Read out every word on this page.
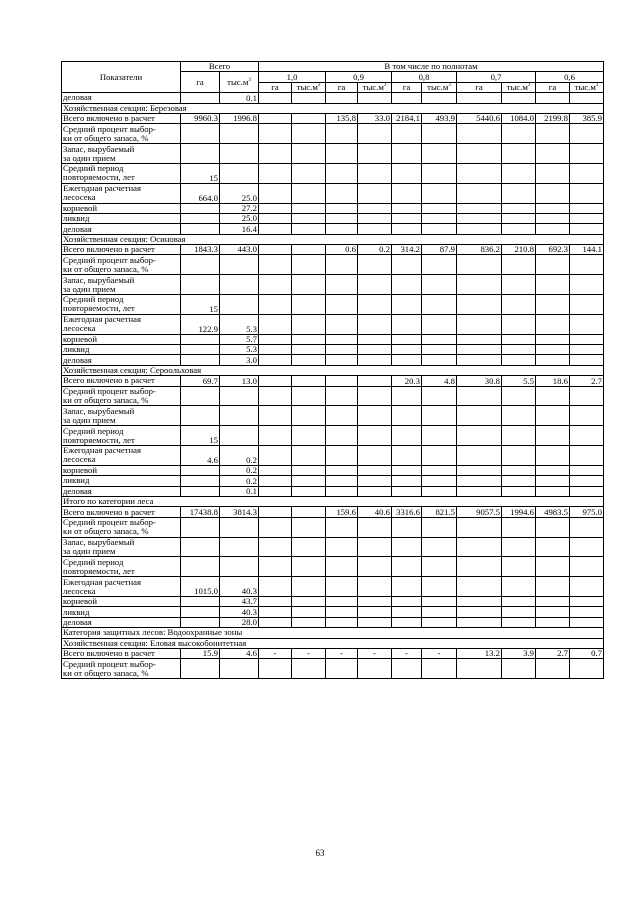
Показатели	Всего		В том числе по полнотам									
	га	$тыс.м^3$	1,0		0,9		0,8		0,7		0,6	
			га	$тыс.м^3$	га	$тыс.м^3$	га	$тыс.м^3$	га	$тыс.м^3$	га	$тыс.м^3$

деловая		0.1										
Хозяйственная секция: Березовая												

Всего включено в расчет	9960.3	1996.8			135.8	33.0	2184.1	493.9	5440.6	1084.0	2199.8	385.9

Средний процент выбор-
ки от общего запаса, %												

Запас, вырубаемый
за один прием												

Средний период
повторяемости, лет	15											

Ежегодная расчетная
лесосека	664.0	25.0										

корневой		27.2										

ликвид		25.0										

деловая		16.4										
Хозяйственная секция: Осиновая												

Всего включено в расчет	1843.3	443.0			0.6	0.2	314.2	87.9	836.2	210.8	692.3	144.1

Средний процент выбор-
ки от общего запаса, %												

Запас, вырубаемый
за один прием												

Средний период
повторяемости, лет	15											

Ежегодная расчетная
лесосека	122.9	5.3										

корневой		5.7										

ликвид		5.3										

деловая		3.0										
Хозяйственная секция: Сероольховая												

Всего включено в расчет	69.7	13.0					20.3	4.8	30.8	5.5	18.6	2.7

Средний процент выбор-
ки от общего запаса, %												

Запас, вырубаемый
за один прием												

Средний период
повторяемости, лет	15											

Ежегодная расчетная
лесосека	4.6	0.2										

корневой		0.2										

ликвид		0.2										

деловая		0.1										
Итого по категории леса												

Всего включено в расчет	17438.8	3814.3			159.6	40.6	3316.6	821.5	9057.5	1994.6	4983.5	975.0

Средний процент выбор-
ки от общего запаса, %												

Запас, вырубаемый
за один прием												

Средний период
повторяемости, лет												

Ежегодная расчетная
лесосека	1015.0	40.3										

корневой		43.7										

ликвид		40.3										

деловая		28.0										
Категория защитных лесов: Водоохранные зоны												
Хозяйственная секция: Еловая высокобонитетная												

Всего включено в расчет	15.9	4.6	-	-	-	-	-	-	13.2	3.9	2.7	0.7

Средний процент выбор-
ки от общего запаса, %												

63
